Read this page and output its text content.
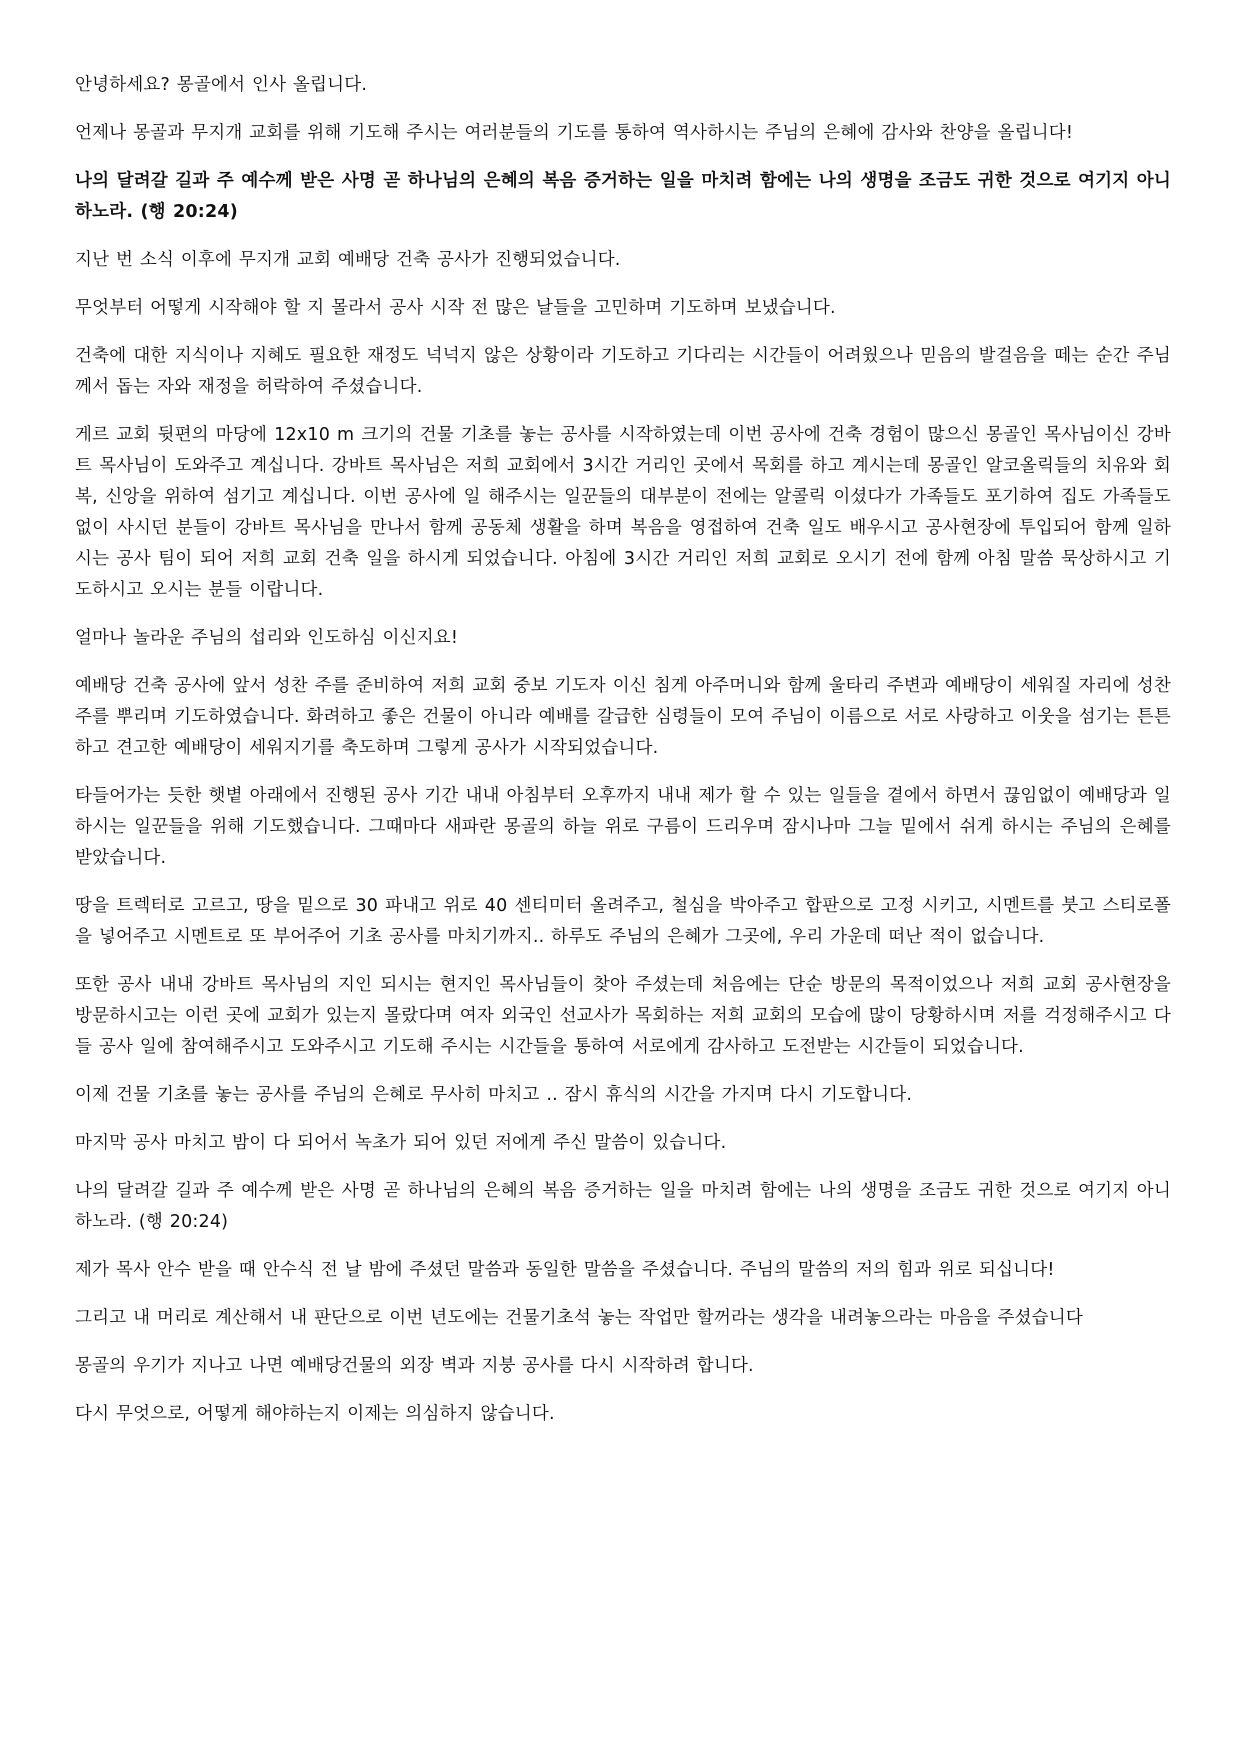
안녕하세요? 몽골에서 인사 올립니다.

언제나 몽골과 무지개 교회를 위해 기도해 주시는 여러분들의 기도를 통하여 역사하시는 주님의 은혜에 감사와 찬양을 올립니다!

나의 달려갈 길과 주 예수께 받은 사명 곧 하나님의 은혜의 복음 증거하는 일을 마치려 함에는 나의 생명을 조금도 귀한 것으로 여기지 아니하노라. (행 20:24)

지난 번 소식 이후에 무지개 교회 예배당 건축 공사가 진행되었습니다.

무엇부터 어떻게 시작해야 할 지 몰라서 공사 시작 전 많은 날들을 고민하며 기도하며 보냈습니다.

건축에 대한 지식이나 지혜도 필요한 재정도 넉넉지 않은 상황이라 기도하고 기다리는 시간들이 어려웠으나 믿음의 발걸음을 떼는 순간 주님께서 돕는 자와 재정을 허락하여 주셨습니다.

게르 교회 뒷편의 마당에 12x10 m 크기의 건물 기초를 놓는 공사를 시작하였는데 이번 공사에 건축 경험이 많으신 몽골인 목사님이신 강바트 목사님이 도와주고 계십니다. 강바트 목사님은 저희 교회에서 3시간 거리인 곳에서 목회를 하고 계시는데 몽골인 알코올릭들의 치유와 회복, 신앙을 위하여 섬기고 계십니다. 이번 공사에 일 해주시는 일꾼들의 대부분이 전에는 알콜릭 이셨다가 가족들도 포기하여 집도 가족들도 없이 사시던 분들이 강바트 목사님을 만나서 함께 공동체 생활을 하며 복음을 영접하여 건축 일도 배우시고 공사현장에 투입되어 함께 일하시는 공사 팀이 되어 저희 교회 건축 일을 하시게 되었습니다. 아침에 3시간 거리인 저희 교회로 오시기 전에 함께 아침 말씀 묵상하시고 기도하시고 오시는 분들 이랍니다.

얼마나 놀라운 주님의 섭리와 인도하심 이신지요!

예배당 건축 공사에 앞서 성찬 주를 준비하여 저희 교회 중보 기도자 이신 침게 아주머니와 함께 울타리 주변과 예배당이 세워질 자리에 성찬 주를 뿌리며 기도하였습니다. 화려하고 좋은 건물이 아니라 예배를 갈급한 심령들이 모여 주님이 이름으로 서로 사랑하고 이웃을 섬기는 튼튼하고 견고한 예배당이 세워지기를 축도하며 그렇게 공사가 시작되었습니다.

타들어가는 듯한 햇볕 아래에서 진행된 공사 기간 내내 아침부터 오후까지 내내 제가 할 수 있는 일들을 곁에서 하면서 끊임없이 예배당과 일하시는 일꾼들을 위해 기도했습니다. 그때마다 새파란 몽골의 하늘 위로 구름이 드리우며 잠시나마 그늘 밑에서 쉬게 하시는 주님의 은혜를 받았습니다.

땅을 트렉터로 고르고, 땅을 밑으로 30 파내고 위로 40 센티미터 올려주고, 철심을 박아주고 합판으로 고정 시키고, 시멘트를 붓고 스티로폴을 넣어주고 시멘트로 또 부어주어 기초 공사를 마치기까지.. 하루도 주님의 은혜가 그곳에, 우리 가운데 떠난 적이 없습니다.

또한 공사 내내 강바트 목사님의 지인 되시는 현지인 목사님들이 찾아 주셨는데 처음에는 단순 방문의 목적이었으나 저희 교회 공사현장을 방문하시고는 이런 곳에 교회가 있는지 몰랐다며 여자 외국인 선교사가 목회하는 저희 교회의 모습에 많이 당황하시며 저를 걱정해주시고 다들 공사 일에 참여해주시고 도와주시고 기도해 주시는 시간들을 통하여 서로에게 감사하고 도전받는 시간들이 되었습니다.

이제 건물 기초를 놓는 공사를 주님의 은혜로 무사히 마치고 .. 잠시 휴식의 시간을 가지며 다시 기도합니다.

마지막 공사 마치고 밤이 다 되어서 녹초가 되어 있던 저에게 주신 말씀이 있습니다.

나의 달려갈 길과 주 예수께 받은 사명 곧 하나님의 은혜의 복음 증거하는 일을 마치려 함에는 나의 생명을 조금도 귀한 것으로 여기지 아니하노라. (행 20:24)

제가 목사 안수 받을 때 안수식 전 날 밤에 주셨던 말씀과 동일한 말씀을 주셨습니다. 주님의 말씀의 저의 힘과 위로 되십니다!

그리고 내 머리로 계산해서 내 판단으로 이번 년도에는 건물기초석 놓는 작업만 할꺼라는 생각을 내려놓으라는 마음을 주셨습니다

몽골의 우기가 지나고 나면 예배당건물의 외장 벽과 지붕 공사를 다시 시작하려 합니다.

다시 무엇으로, 어떻게 해야하는지 이제는 의심하지 않습니다.
